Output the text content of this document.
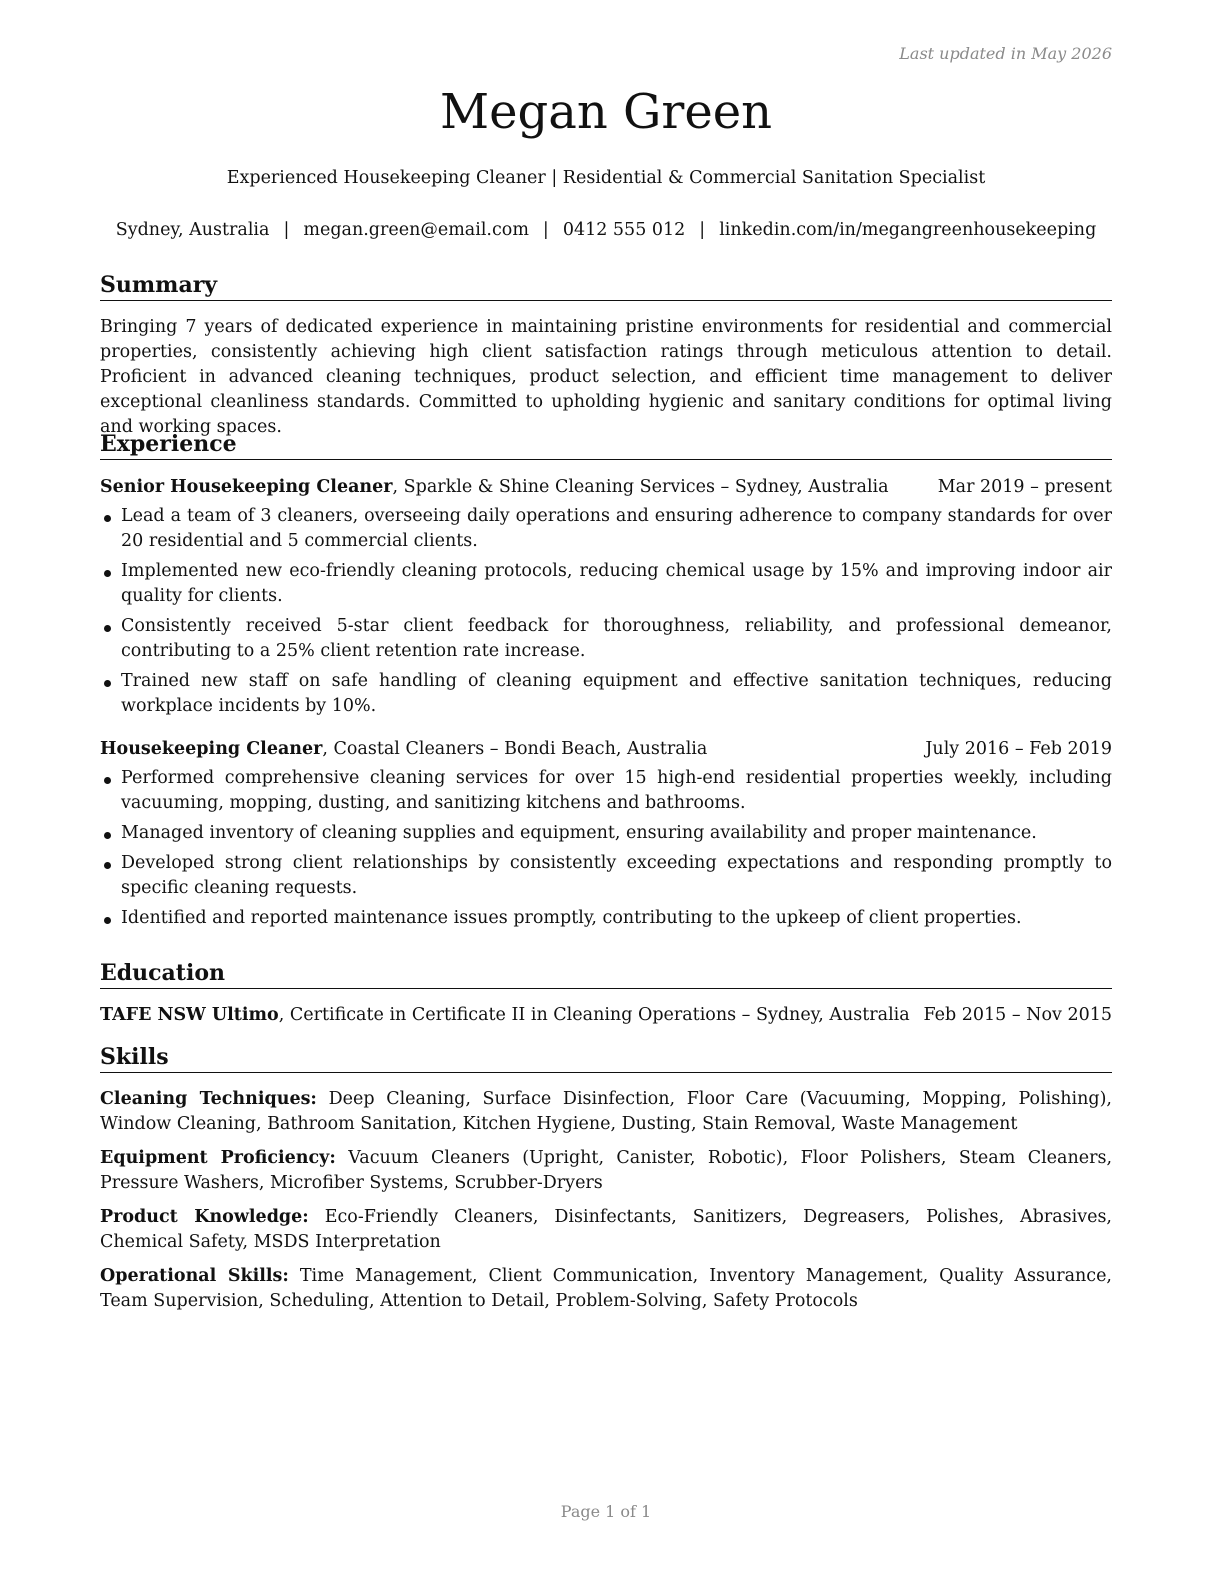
Last updated in May 2026
Megan Green
Experienced Housekeeping Cleaner | Residential & Commercial Sanitation Specialist
Sydney, Australia | megan.green@email.com | 0412 555 012 | linkedin.com/in/megangreenhousekeeping
Summary

Bringing 7 years of dedicated experience in maintaining pristine environments for residential and commercial properties, consistently achieving high client satisfaction ratings through meticulous attention to detail. Proficient in advanced cleaning techniques, product selection, and efficient time management to deliver exceptional cleanliness standards. Committed to upholding hygienic and sanitary conditions for optimal living and working spaces.

Experience
Senior Housekeeping Cleaner, Sparkle & Shine Cleaning Services – Sydney, Australia	Mar 2019 – present
Lead a team of 3 cleaners, overseeing daily operations and ensuring adherence to company standards for over 20 residential and 5 commercial clients.
Implemented new eco-friendly cleaning protocols, reducing chemical usage by 15% and improving indoor air quality for clients.
Consistently received 5-star client feedback for thoroughness, reliability, and professional demeanor, contributing to a 25% client retention rate increase.
Trained new staff on safe handling of cleaning equipment and effective sanitation techniques, reducing workplace incidents by 10%.
Housekeeping Cleaner, Coastal Cleaners – Bondi Beach, Australia	July 2016 – Feb 2019
Performed comprehensive cleaning services for over 15 high-end residential properties weekly, including vacuuming, mopping, dusting, and sanitizing kitchens and bathrooms.
Managed inventory of cleaning supplies and equipment, ensuring availability and proper maintenance.
Developed strong client relationships by consistently exceeding expectations and responding promptly to specific cleaning requests.
Identified and reported maintenance issues promptly, contributing to the upkeep of client properties.
Education
TAFE NSW Ultimo, Certificate in Certificate II in Cleaning Operations – Sydney, Australia Feb 2015 – Nov 2015
Skills

Cleaning Techniques: Deep Cleaning, Surface Disinfection, Floor Care (Vacuuming, Mopping, Polishing), Window Cleaning, Bathroom Sanitation, Kitchen Hygiene, Dusting, Stain Removal, Waste Management

Equipment Proficiency: Vacuum Cleaners (Upright, Canister, Robotic), Floor Polishers, Steam Cleaners, Pressure Washers, Microfiber Systems, Scrubber-Dryers

Product Knowledge: Eco-Friendly Cleaners, Disinfectants, Sanitizers, Degreasers, Polishes, Abrasives, Chemical Safety, MSDS Interpretation

Operational Skills: Time Management, Client Communication, Inventory Management, Quality Assurance, Team Supervision, Scheduling, Attention to Detail, Problem-Solving, Safety Protocols

Page 1 of 1
